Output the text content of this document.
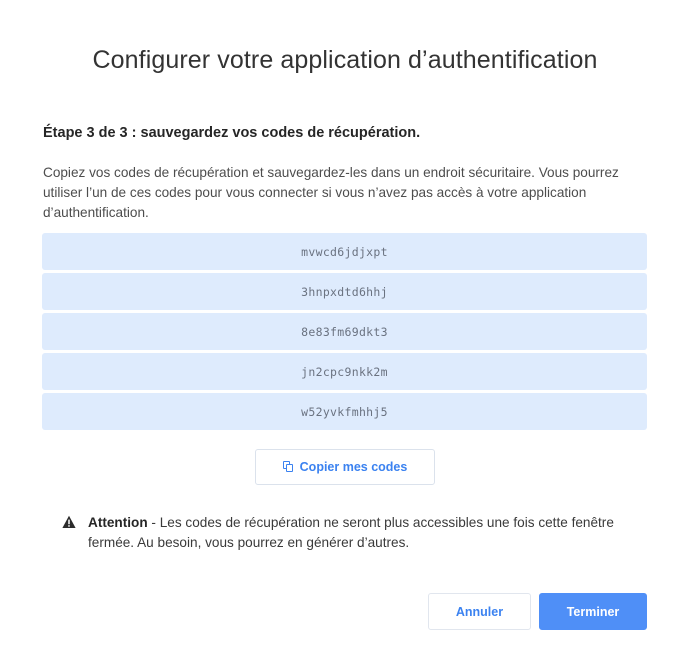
Configurer votre application d’authentification
Étape 3 de 3 : sauvegardez vos codes de récupération.

Copiez vos codes de récupération et sauvegardez-les dans un endroit sécuritaire. Vous pourrez utiliser l’un de ces codes pour vous connecter si vous n’avez pas accès à votre application d’authentification.

mvwcd6jdjxpt
3hnpxdtd6hhj
8e83fm69dkt3
jn2cpc9nkk2m
w52yvkfmhhj5
Copier mes codes

Attention - Les codes de récupération ne seront plus accessibles une fois cette fenêtre fermée. Au besoin, vous pourrez en générer d’autres.

Annuler	Terminer
